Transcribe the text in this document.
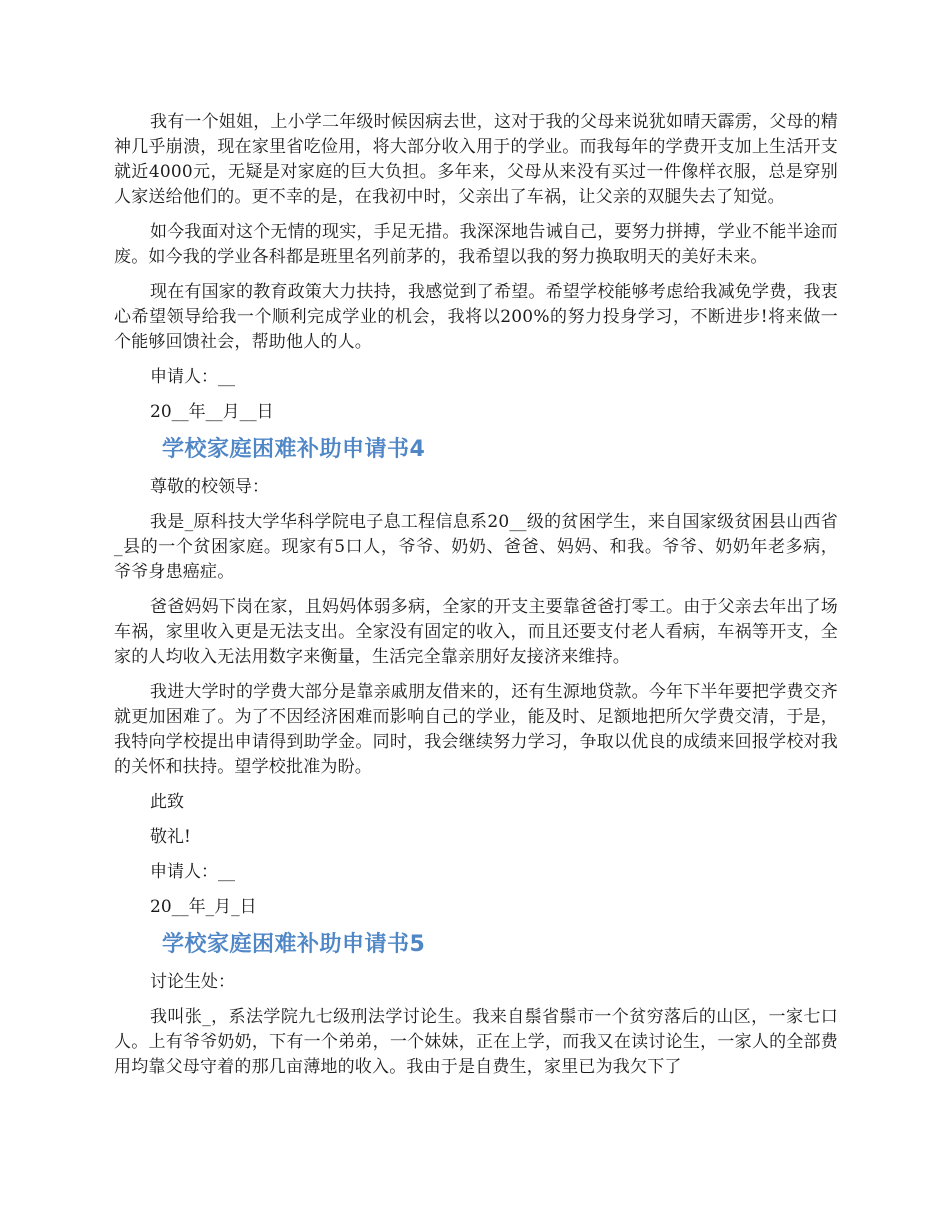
我有一个姐姐，上小学二年级时候因病去世，这对于我的父母来说犹如晴天霹雳，父母的精神几乎崩溃，现在家里省吃俭用，将大部分收入用于的学业。而我每年的学费开支加上生活开支就近4000元，无疑是对家庭的巨大负担。多年来，父母从来没有买过一件像样衣服，总是穿别人家送给他们的。更不幸的是，在我初中时，父亲出了车祸，让父亲的双腿失去了知觉。

如今我面对这个无情的现实，手足无措。我深深地告诫自己，要努力拼搏，学业不能半途而废。如今我的学业各科都是班里名列前茅的，我希望以我的努力换取明天的美好未来。

现在有国家的教育政策大力扶持，我感觉到了希望。希望学校能够考虑给我减免学费，我衷心希望领导给我一个顺利完成学业的机会，我将以200%的努力投身学习，不断进步!将来做一个能够回馈社会，帮助他人的人。

申请人：__

20__年__月__日

学校家庭困难补助申请书4

尊敬的校领导：

我是_原科技大学华科学院电子息工程信息系20__级的贫困学生，来自国家级贫困县山西省_县的一个贫困家庭。现家有5口人，爷爷、奶奶、爸爸、妈妈、和我。爷爷、奶奶年老多病，爷爷身患癌症。

爸爸妈妈下岗在家，且妈妈体弱多病，全家的开支主要靠爸爸打零工。由于父亲去年出了场车祸，家里收入更是无法支出。全家没有固定的收入，而且还要支付老人看病，车祸等开支，全家的人均收入无法用数字来衡量，生活完全靠亲朋好友接济来维持。

我进大学时的学费大部分是靠亲戚朋友借来的，还有生源地贷款。今年下半年要把学费交齐就更加困难了。为了不因经济困难而影响自己的学业，能及时、足额地把所欠学费交清，于是，我特向学校提出申请得到助学金。同时，我会继续努力学习，争取以优良的成绩来回报学校对我的关怀和扶持。望学校批准为盼。

此致

敬礼!

申请人：__

20__年_月_日

学校家庭困难补助申请书5

讨论生处：

我叫张_，系法学院九七级刑法学讨论生。我来自鬃省鬃市一个贫穷落后的山区，一家七口人。上有爷爷奶奶，下有一个弟弟，一个妹妹，正在上学，而我又在读讨论生，一家人的全部费用均靠父母守着的那几亩薄地的收入。我由于是自费生，家里已为我欠下了
